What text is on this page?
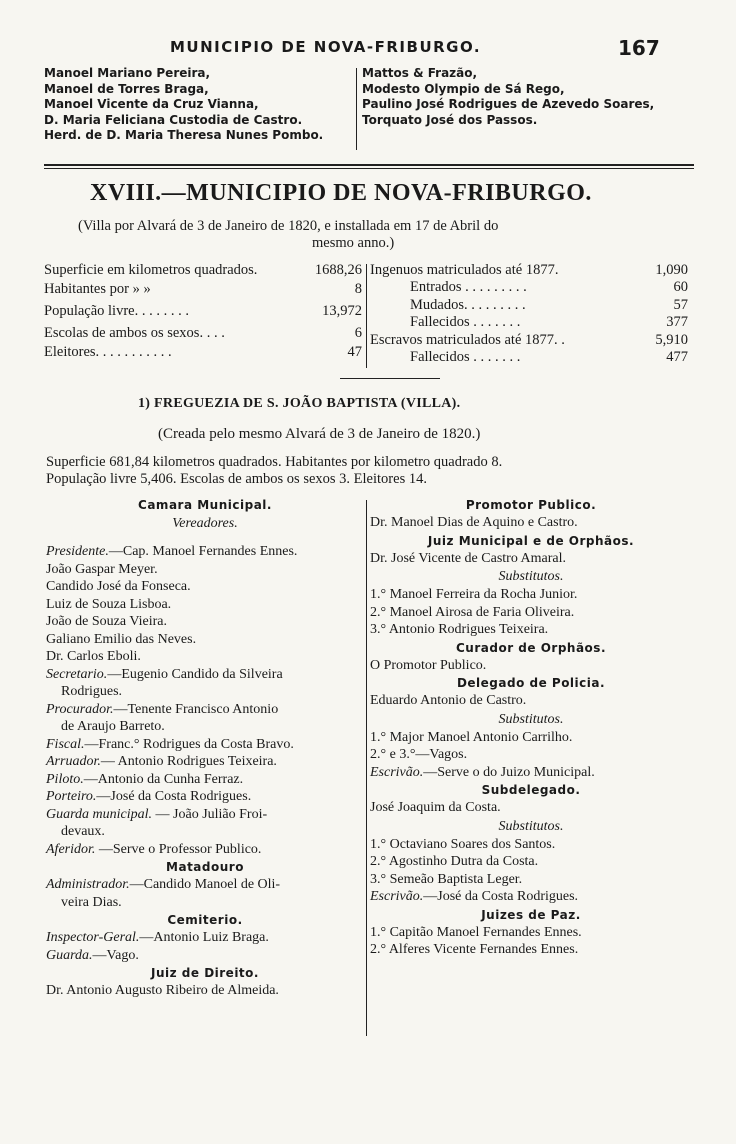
MUNICIPIO DE NOVA-FRIBURGO.	167
Manoel Mariano Pereira,
Manoel de Torres Braga,
Manoel Vicente da Cruz Vianna,
D. Maria Feliciana Custodia de Castro.
Herd. de D. Maria Theresa Nunes Pombo.
Mattos & Frazão,
Modesto Olympio de Sá Rego,
Paulino José Rodrigues de Azevedo Soares,
Torquato José dos Passos.
XVIII.—MUNICIPIO DE NOVA-FRIBURGO.
(Villa por Alvará de 3 de Janeiro de 1820, e installada em 17 de Abril do
mesmo anno.)
Superficie em kilometros quadrados.	1688,26
Habitantes por » »	8
População livre. . . . . . . .	13,972
Escolas de ambos os sexos. . . .	6
Eleitores. . . . . . . . . . .	47
Ingenuos matriculados até 1877.	1,090
Entrados . . . . . . . . .	60
Mudados. . . . . . . . .	57
Fallecidos . . . . . . .	377
Escravos matriculados até 1877. .	5,910
Fallecidos . . . . . . .	477
1) FREGUEZIA DE S. JOÃO BAPTISTA (VILLA).
(Creada pelo mesmo Alvará de 3 de Janeiro de 1820.)
Superficie 681,84 kilometros quadrados. Habitantes por kilometro quadrado 8.
População livre 5,406. Escolas de ambos os sexos 3. Eleitores 14.
Camara Municipal.
Vereadores.
Presidente.—Cap. Manoel Fernandes Ennes.
João Gaspar Meyer.
Candido José da Fonseca.
Luiz de Souza Lisboa.
João de Souza Vieira.
Galiano Emilio das Neves.
Dr. Carlos Eboli.
Secretario.—Eugenio Candido da Silveira
Rodrigues.
Procurador.—Tenente Francisco Antonio
de Araujo Barreto.
Fiscal.—Franc.° Rodrigues da Costa Bravo.
Arruador.— Antonio Rodrigues Teixeira.
Piloto.—Antonio da Cunha Ferraz.
Porteiro.—José da Costa Rodrigues.
Guarda municipal. — João Julião Froi-
devaux.
Aferidor. —Serve o Professor Publico.
Matadouro
Administrador.—Candido Manoel de Oli-
veira Dias.
Cemiterio.
Inspector-Geral.—Antonio Luiz Braga.
Guarda.—Vago.
Juiz de Direito.
Dr. Antonio Augusto Ribeiro de Almeida.
Promotor Publico.
Dr. Manoel Dias de Aquino e Castro.
Juiz Municipal e de Orphãos.
Dr. José Vicente de Castro Amaral.
Substitutos.
1.° Manoel Ferreira da Rocha Junior.
2.° Manoel Airosa de Faria Oliveira.
3.° Antonio Rodrigues Teixeira.
Curador de Orphãos.
O Promotor Publico.
Delegado de Policia.
Eduardo Antonio de Castro.
Substitutos.
1.° Major Manoel Antonio Carrilho.
2.° e 3.°—Vagos.
Escrivão.—Serve o do Juizo Municipal.
Subdelegado.
José Joaquim da Costa.
Substitutos.
1.° Octaviano Soares dos Santos.
2.° Agostinho Dutra da Costa.
3.° Semeão Baptista Leger.
Escrivão.—José da Costa Rodrigues.
Juizes de Paz.
1.° Capitão Manoel Fernandes Ennes.
2.° Alferes Vicente Fernandes Ennes.
